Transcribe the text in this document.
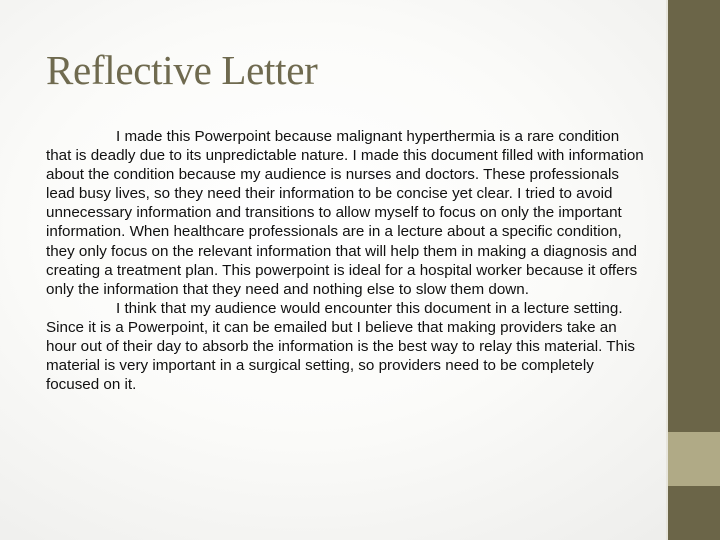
Reflective Letter

I made this Powerpoint because malignant hyperthermia is a rare condition that is deadly due to its unpredictable nature. I made this document filled with information about the condition because my audience is nurses and doctors. These professionals lead busy lives, so they need their information to be concise yet clear. I tried to avoid unnecessary information and transitions to allow myself to focus on only the important information. When healthcare professionals are in a lecture about a specific condition, they only focus on the relevant information that will help them in making a diagnosis and creating a treatment plan. This powerpoint is ideal for a hospital worker because it offers only the information that they need and nothing else to slow them down.

I think that my audience would encounter this document in a lecture setting. Since it is a Powerpoint, it can be emailed but I believe that making providers take an hour out of their day to absorb the information is the best way to relay this material. This material is very important in a surgical setting, so providers need to be completely focused on it.
